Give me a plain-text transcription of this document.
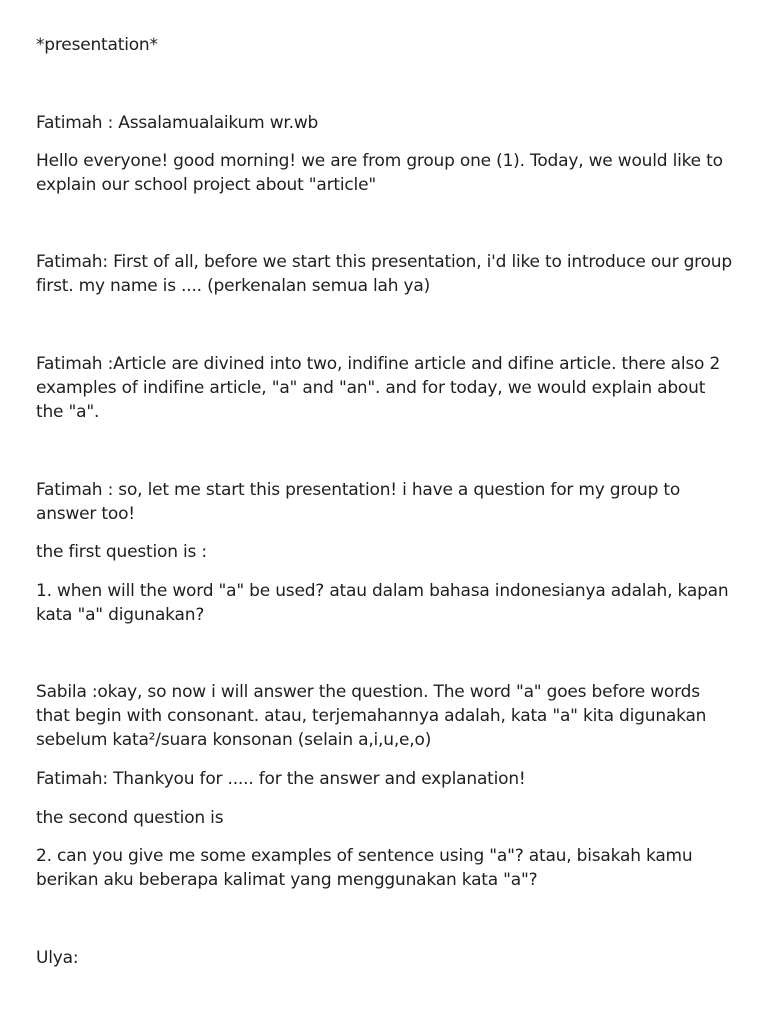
*presentation*

Fatimah : Assalamualaikum wr.wb

Hello everyone! good morning! we are from group one (1). Today, we would like to explain our school project about "article"

Fatimah: First of all, before we start this presentation, i'd like to introduce our group first. my name is .... (perkenalan semua lah ya)

Fatimah :Article are divined into two, indifine article and difine article. there also 2 examples of indifine article, "a" and "an". and for today, we would explain about the "a".

Fatimah : so, let me start this presentation! i have a question for my group to answer too!

the first question is :

1. when will the word "a" be used? atau dalam bahasa indonesianya adalah, kapan kata "a" digunakan?

Sabila :okay, so now i will answer the question. The word "a" goes before words that begin with consonant. atau, terjemahannya adalah, kata "a" kita digunakan sebelum kata²/suara konsonan (selain a,i,u,e,o)

Fatimah: Thankyou for ..... for the answer and explanation!

the second question is

2. can you give me some examples of sentence using "a"? atau, bisakah kamu berikan aku beberapa kalimat yang menggunakan kata "a"?

Ulya:
